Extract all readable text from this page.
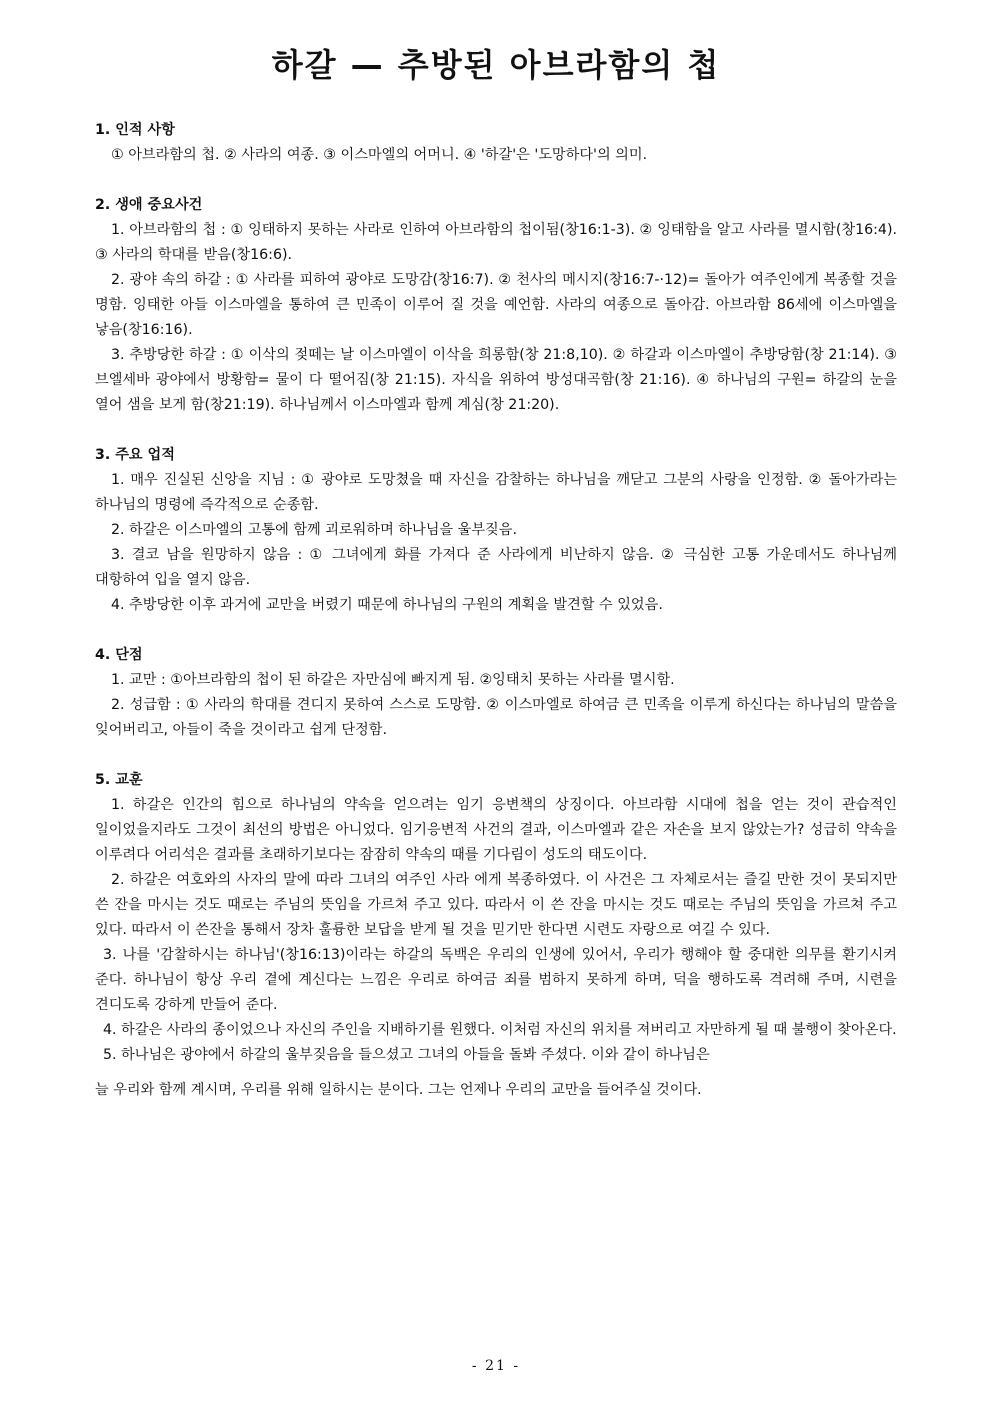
하갈 — 추방된 아브라함의 첩

1. 인적 사항

① 아브라함의 첩. ② 사라의 여종. ③ 이스마엘의 어머니. ④ '하갈'은 '도망하다'의 의미.

2. 생애 중요사건

1. 아브라함의 첩 : ① 잉태하지 못하는 사라로 인하여 아브라함의 첩이됨(창16:1-3). ② 잉태함을 알고 사라를 멸시함(창16:4). ③ 사라의 학대를 받음(창16:6).

2. 광야 속의 하갈 : ① 사라를 피하여 광야로 도망감(창16:7). ② 천사의 메시지(창16:7-·12)= 돌아가 여주인에게 복종할 것을 명함. 잉태한 아들 이스마엘을 통하여 큰 민족이 이루어 질 것을 예언함. 사라의 여종으로 돌아감. 아브라함 86세에 이스마엘을 낳음(창16:16).

3. 추방당한 하갈 : ① 이삭의 젖떼는 날 이스마엘이 이삭을 희롱함(창 21:8,10). ② 하갈과 이스마엘이 추방당함(창 21:14). ③ 브엘세바 광야에서 방황함= 물이 다 떨어짐(창 21:15). 자식을 위하여 방성대곡함(창 21:16). ④ 하나님의 구원= 하갈의 눈을 열어 샘을 보게 함(창21:19). 하나님께서 이스마엘과 함께 계심(창 21:20).

3. 주요 업적

1. 매우 진실된 신앙을 지님 : ① 광야로 도망쳤을 때 자신을 감찰하는 하나님을 깨닫고 그분의 사랑을 인정함. ② 돌아가라는 하나님의 명령에 즉각적으로 순종함.

2. 하갈은 이스마엘의 고통에 함께 괴로워하며 하나님을 울부짖음.

3. 결코 남을 원망하지 않음 : ① 그녀에게 화를 가져다 준 사라에게 비난하지 않음. ② 극심한 고통 가운데서도 하나님께 대항하여 입을 열지 않음.

4. 추방당한 이후 과거에 교만을 버렸기 때문에 하나님의 구원의 계획을 발견할 수 있었음.

4. 단점

1. 교만 : ①아브라함의 첩이 된 하갈은 자만심에 빠지게 됨. ②잉태치 못하는 사라를 멸시함.

2. 성급함 : ① 사라의 학대를 견디지 못하여 스스로 도망함. ② 이스마엘로 하여금 큰 민족을 이루게 하신다는 하나님의 말씀을 잊어버리고, 아들이 죽을 것이라고 쉽게 단정함.

5. 교훈

1. 하갈은 인간의 힘으로 하나님의 약속을 얻으려는 임기 응변책의 상징이다. 아브라함 시대에 첩을 얻는 것이 관습적인 일이었을지라도 그것이 최선의 방법은 아니었다. 임기응변적 사건의 결과, 이스마엘과 같은 자손을 보지 않았는가? 성급히 약속을 이루려다 어리석은 결과를 초래하기보다는 잠잠히 약속의 때를 기다림이 성도의 태도이다.

2. 하갈은 여호와의 사자의 말에 따라 그녀의 여주인 사라 에게 복종하였다. 이 사건은 그 자체로서는 즐길 만한 것이 못되지만 쓴 잔을 마시는 것도 때로는 주님의 뜻임을 가르쳐 주고 있다. 따라서 이 쓴 잔을 마시는 것도 때로는 주님의 뜻임을 가르쳐 주고 있다. 따라서 이 쓴잔을 통해서 장차 훌륭한 보답을 받게 될 것을 믿기만 한다면 시련도 자랑으로 여길 수 있다.

3. 나를 '감찰하시는 하나님'(창16:13)이라는 하갈의 독백은 우리의 인생에 있어서, 우리가 행해야 할 중대한 의무를 환기시켜 준다. 하나님이 항상 우리 곁에 계신다는 느낌은 우리로 하여금 죄를 범하지 못하게 하며, 덕을 행하도록 격려해 주며, 시련을 견디도록 강하게 만들어 준다.

4. 하갈은 사라의 종이었으나 자신의 주인을 지배하기를 원했다. 이처럼 자신의 위치를 져버리고 자만하게 될 때 불행이 찾아온다.

5. 하나님은 광야에서 하갈의 울부짖음을 들으셨고 그녀의 아들을 돌봐 주셨다. 이와 같이 하나님은

늘 우리와 함께 계시며, 우리를 위해 일하시는 분이다. 그는 언제나 우리의 교만을 들어주실 것이다.

- 21 -
